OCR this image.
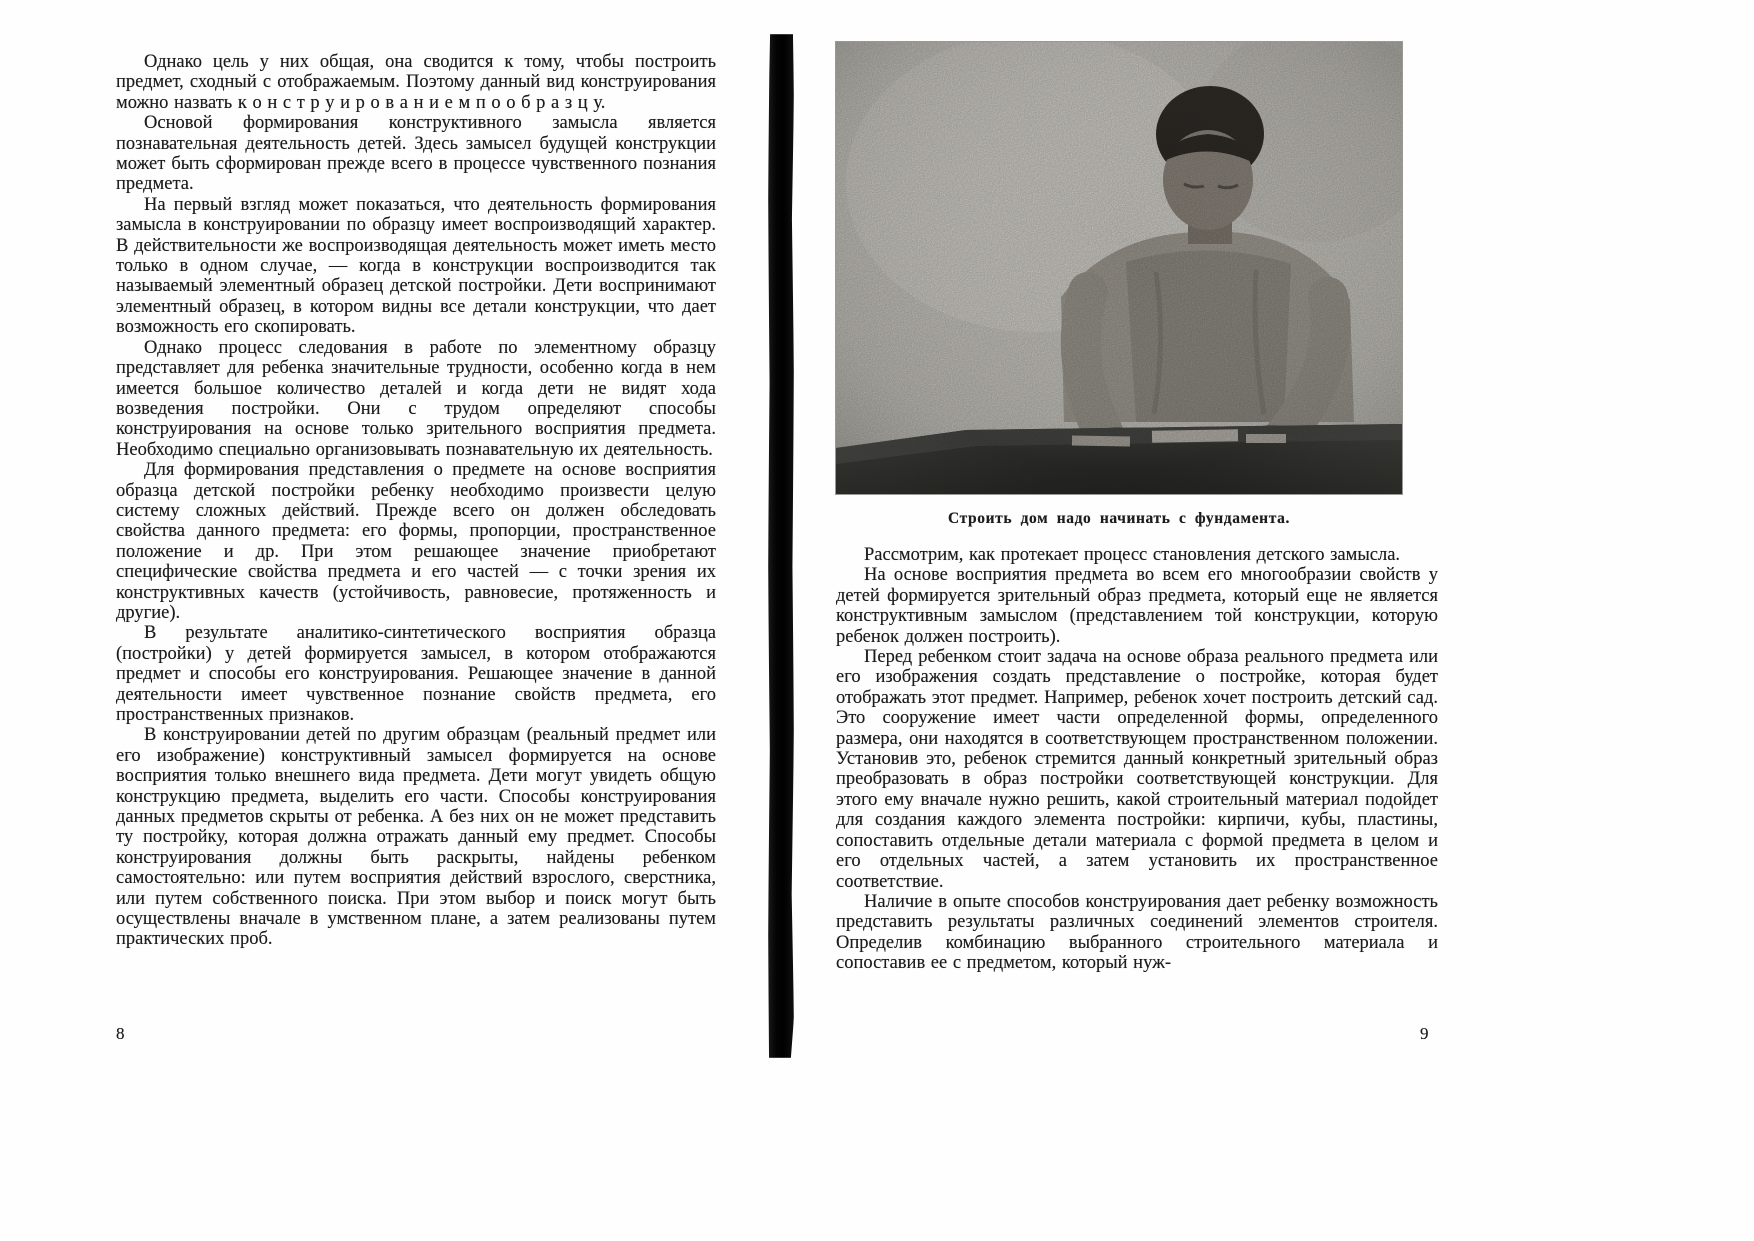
Однако цель у них общая, она сводится к тому, чтобы построить предмет, сходный с отображаемым. Поэтому данный вид конструирования можно назвать к о н с т р у и р о в а н и е м п о о б р а з ц у.

Основой формирования конструктивного замысла является познавательная деятельность детей. Здесь замысел будущей конструкции может быть сформирован прежде всего в процессе чувственного познания предмета.

На первый взгляд может показаться, что деятельность формирования замысла в конструировании по образцу имеет воспроизводящий характер. В действительности же воспроизводящая деятельность может иметь место только в одном случае, — когда в конструкции воспроизводится так называемый элементный образец детской постройки. Дети воспринимают элементный образец, в котором видны все детали конструкции, что дает возможность его скопировать.

Однако процесс следования в работе по элементному образцу представляет для ребенка значительные трудности, особенно когда в нем имеется большое количество деталей и когда дети не видят хода возведения постройки. Они с трудом определяют способы конструирования на основе только зрительного восприятия предмета. Необходимо специально организовывать познавательную их деятельность.

Для формирования представления о предмете на основе восприятия образца детской постройки ребенку необходимо произвести целую систему сложных действий. Прежде всего он должен обследовать свойства данного предмета: его формы, пропорции, пространственное положение и др. При этом решающее значение приобретают специфические свойства предмета и его частей — с точки зрения их конструктивных качеств (устойчивость, равновесие, протяженность и другие).

В результате аналитико-синтетического восприятия образца (постройки) у детей формируется замысел, в котором отображаются предмет и способы его конструирования. Решающее значение в данной деятельности имеет чувственное познание свойств предмета, его пространственных признаков.

В конструировании детей по другим образцам (реальный предмет или его изображение) конструктивный замысел формируется на основе восприятия только внешнего вида предмета. Дети могут увидеть общую конструкцию предмета, выделить его части. Способы конструирования данных предметов скрыты от ребенка. А без них он не может представить ту постройку, которая должна отражать данный ему предмет. Способы конструирования должны быть раскрыты, найдены ребенком самостоятельно: или путем восприятия действий взрослого, сверстника, или путем собственного поиска. При этом выбор и поиск могут быть осуществлены вначале в умственном плане, а затем реализованы путем практических проб.

8
Строить дом надо начинать с фундамента.

Рассмотрим, как протекает процесс становления детского замысла.

На основе восприятия предмета во всем его многообразии свойств у детей формируется зрительный образ предмета, который еще не является конструктивным замыслом (представлением той конструкции, которую ребенок должен построить).

Перед ребенком стоит задача на основе образа реального предмета или его изображения создать представление о постройке, которая будет отображать этот предмет. Например, ребенок хочет построить детский сад. Это сооружение имеет части определенной формы, определенного размера, они находятся в соответствующем пространственном положении. Установив это, ребенок стремится данный конкретный зрительный образ преобразовать в образ постройки соответствующей конструкции. Для этого ему вначале нужно решить, какой строительный материал подойдет для создания каждого элемента постройки: кирпичи, кубы, пластины, сопоставить отдельные детали материала с формой предмета в целом и его отдельных частей, а затем установить их пространственное соответствие.

Наличие в опыте способов конструирования дает ребенку возможность представить результаты различных соединений элементов строителя. Определив комбинацию выбранного строительного материала и сопоставив ее с предметом, который нуж-

9
